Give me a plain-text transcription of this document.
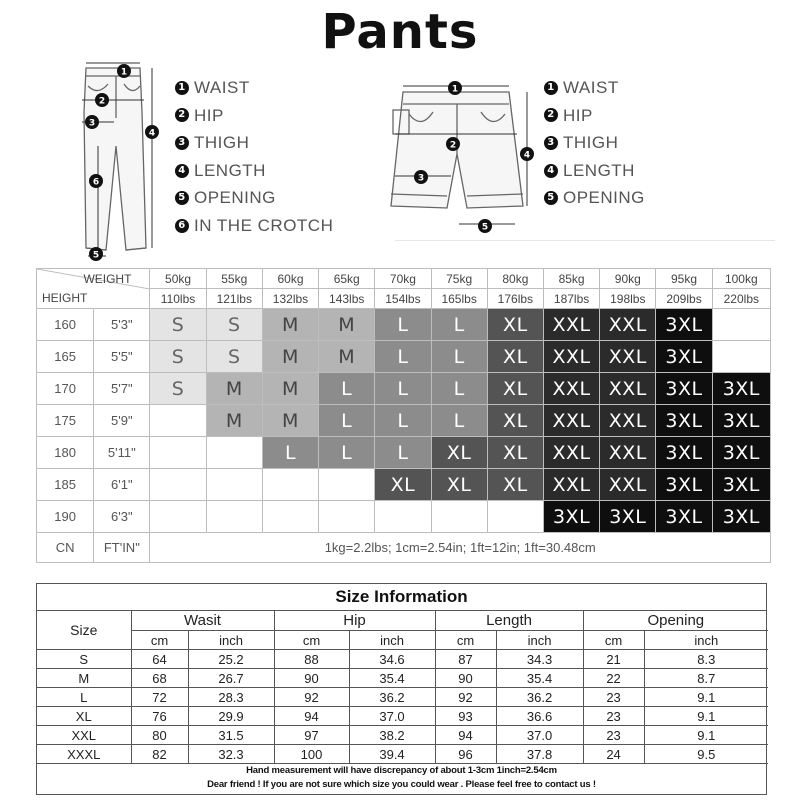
Pants
1
2
3
4
6
5
1 WAIST
2 HIP
3 THIGH
4 LENGTH
5 OPENING
6 IN THE CROTCH
1
2
3
4
5
1 WAIST
2 HIP
3 THIGH
4 LENGTH
5 OPENING
WEIGHT
HEIGHT		50kg	55kg	60kg	65kg	70kg	75kg	80kg	85kg	90kg	95kg	100kg
		110lbs	121lbs	132lbs	143lbs	154lbs	165lbs	176lbs	187lbs	198lbs	209lbs	220lbs
160	5'3"	S	S	M	M	L	L	XL	XXL	XXL	3XL	
165	5'5"	S	S	M	M	L	L	XL	XXL	XXL	3XL	
170	5'7"	S	M	M	L	L	L	XL	XXL	XXL	3XL	3XL
175	5'9"		M	M	L	L	L	XL	XXL	XXL	3XL	3XL
180	5'11"			L	L	L	XL	XL	XXL	XXL	3XL	3XL
185	6'1"					XL	XL	XL	XXL	XXL	3XL	3XL
190	6'3"								3XL	3XL	3XL	3XL
CN	FT'IN"	1kg=2.2lbs; 1cm=2.54in; 1ft=12in; 1ft=30.48cm										
Size Information
Size	Wasit		Hip		Length		Opening	
	cm	inch	cm	inch	cm	inch	cm	inch
S	64	25.2	88	34.6	87	34.3	21	8.3
M	68	26.7	90	35.4	90	35.4	22	8.7
L	72	28.3	92	36.2	92	36.2	23	9.1
XL	76	29.9	94	37.0	93	36.6	23	9.1
XXL	80	31.5	97	38.2	94	37.0	23	9.1
XXXL	82	32.3	100	39.4	96	37.8	24	9.5
Hand measurement will have discrepancy of about 1-3cm 1inch=2.54cm
Dear friend ! If you are not sure which size you could wear . Please feel free to contact us !
